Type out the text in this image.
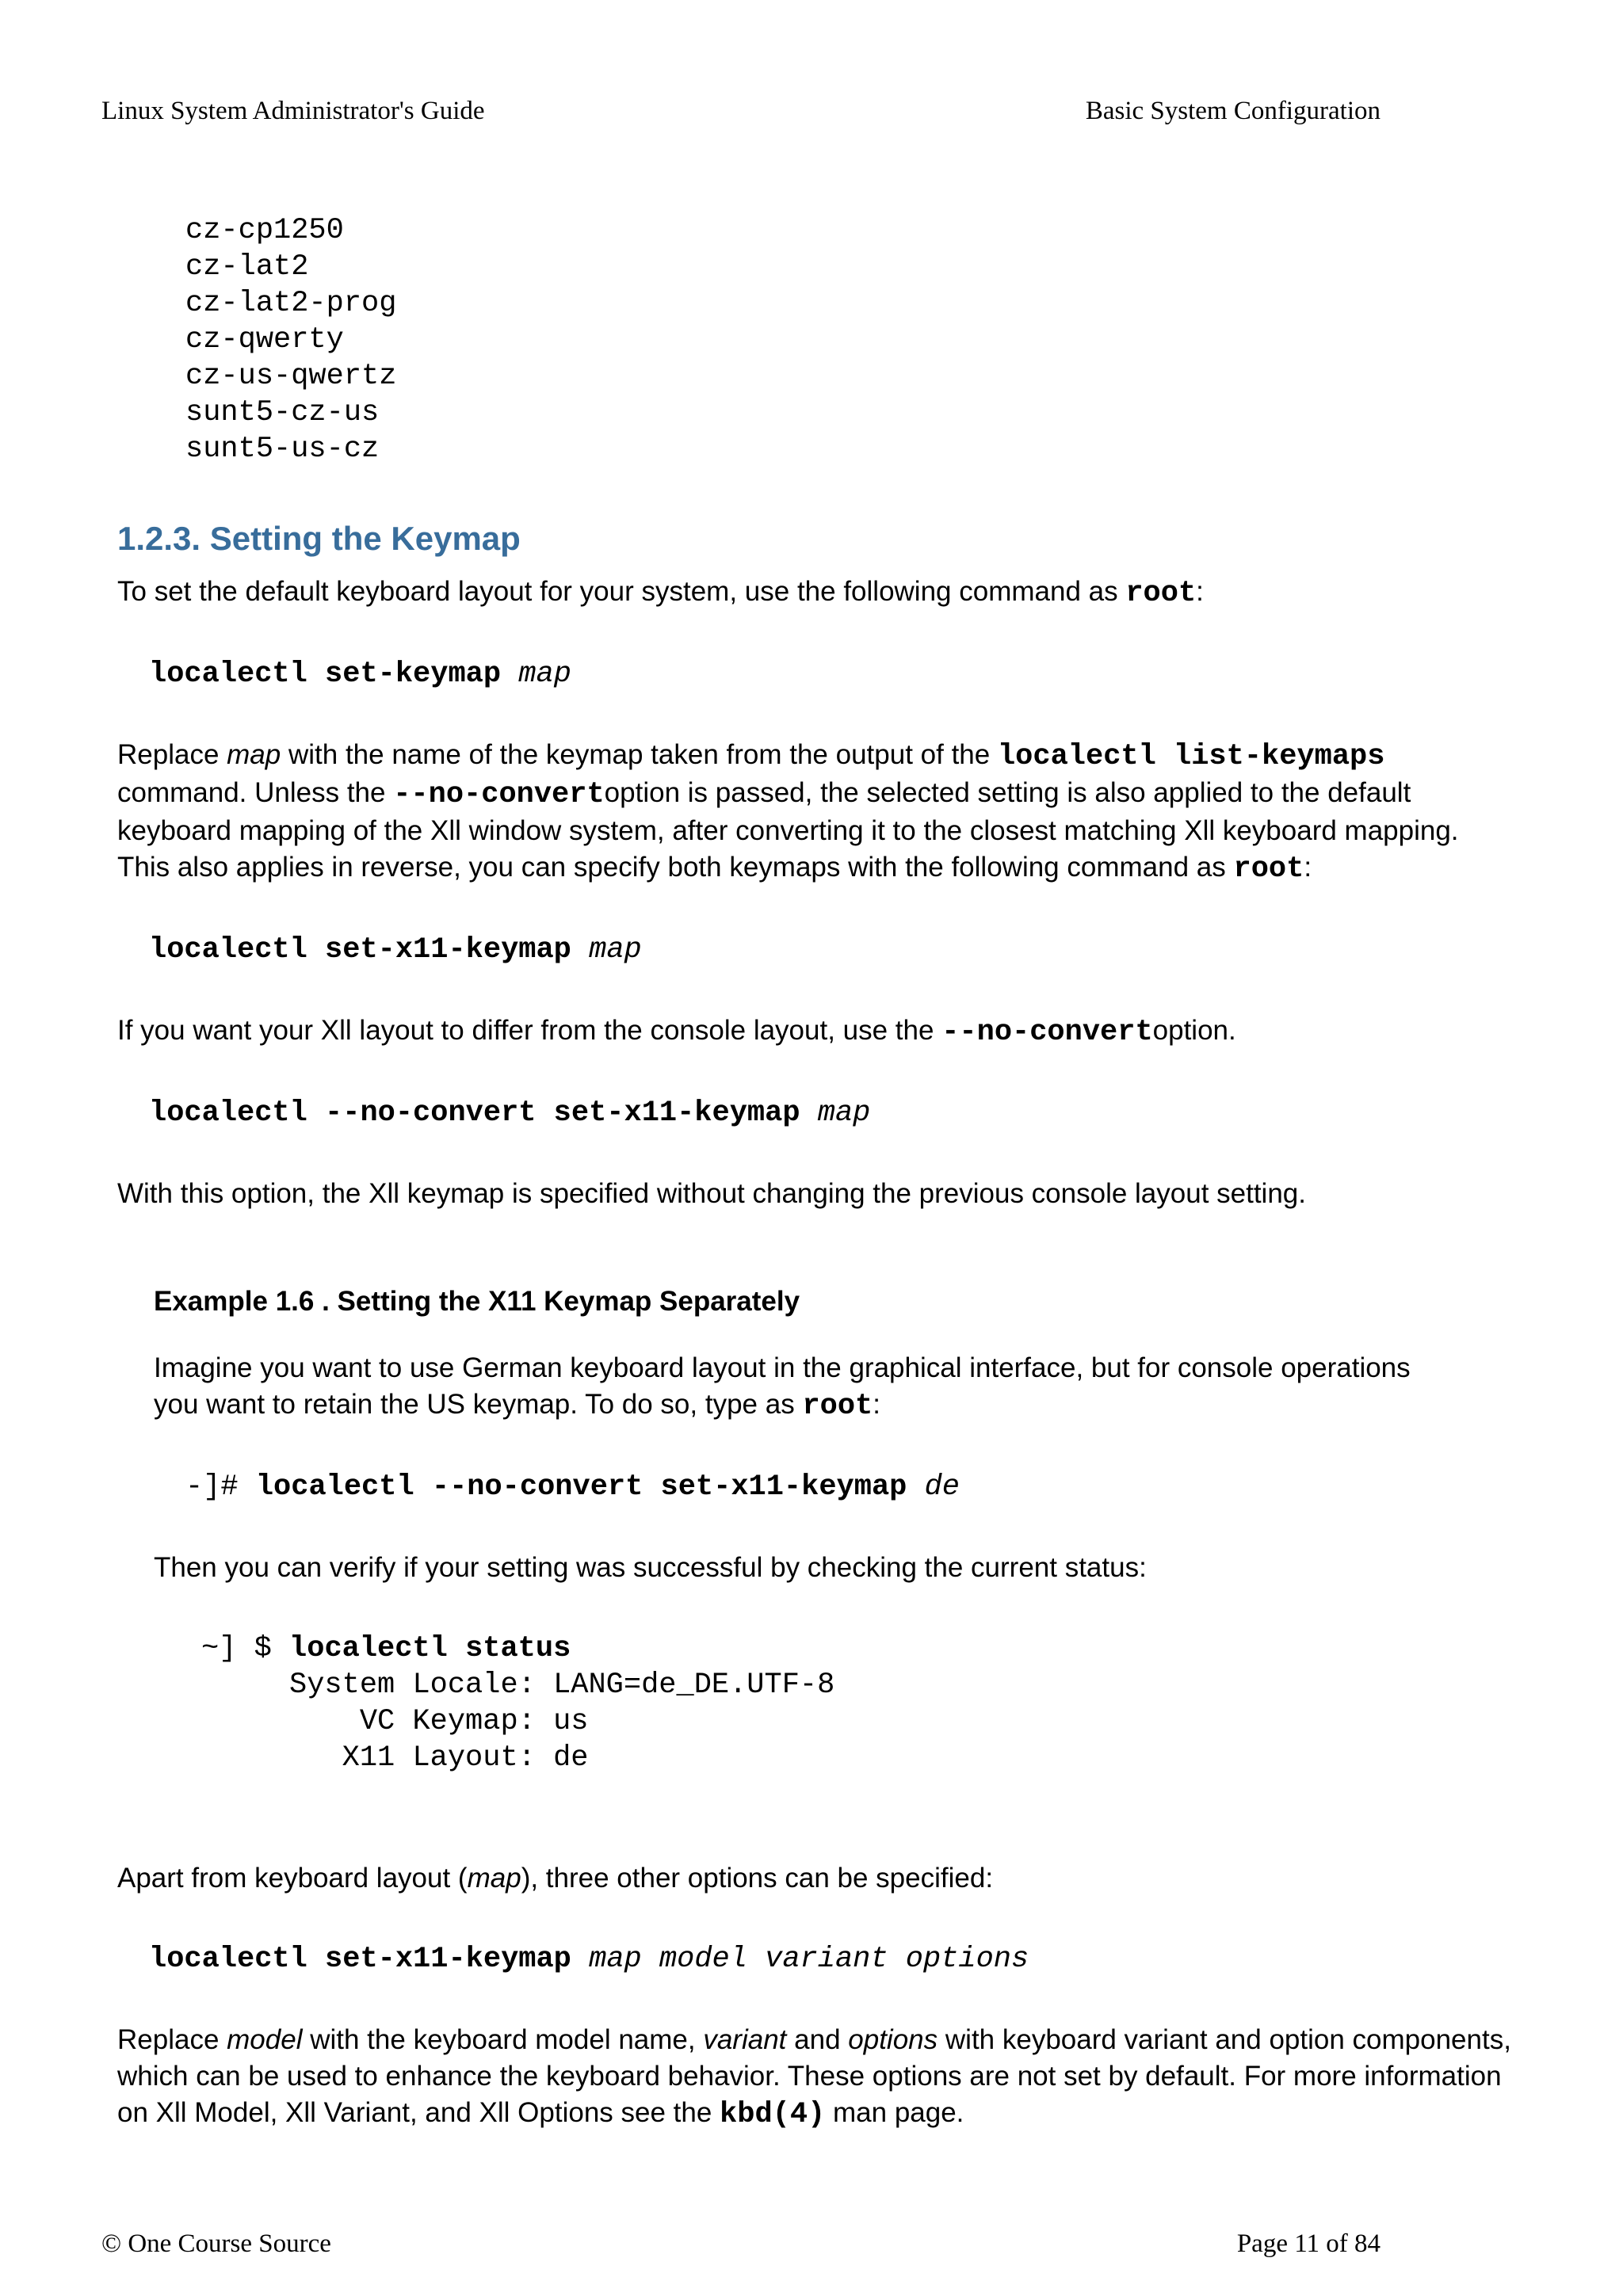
Linux System Administrator's Guide	Basic System Configuration
cz-cp1250
cz-lat2
cz-lat2-prog
cz-qwerty
cz-us-qwertz
sunt5-cz-us
sunt5-us-cz
1.2.3. Setting the Keymap

To set the default keyboard layout for your system, use the following command as root:

localectl set-keymap map

Replace map with the name of the keymap taken from the output of the localectl list-keymaps command. Unless the --no-convertoption is passed, the selected setting is also applied to the default keyboard mapping of the Xll window system, after converting it to the closest matching Xll keyboard mapping. This also applies in reverse, you can specify both keymaps with the following command as root:

localectl set-x11-keymap map

If you want your Xll layout to differ from the console layout, use the --no-convertoption.

localectl --no-convert set-x11-keymap map

With this option, the Xll keymap is specified without changing the previous console layout setting.

Example 1.6 . Setting the X11 Keymap Separately

Imagine you want to use German keyboard layout in the graphical interface, but for console operations you want to retain the US keymap. To do so, type as root:

-]# localectl --no-convert set-x11-keymap de

Then you can verify if your setting was successful by checking the current status:

~] $ localectl status
System Locale: LANG=de_DE.UTF-8
VC Keymap: us
X11 Layout: de

Apart from keyboard layout (map), three other options can be specified:

localectl set-x11-keymap map model variant options

Replace model with the keyboard model name, variant and options with keyboard variant and option components, which can be used to enhance the keyboard behavior. These options are not set by default. For more information on Xll Model, Xll Variant, and Xll Options see the kbd(4) man page.

© One Course Source	Page 11 of 84
